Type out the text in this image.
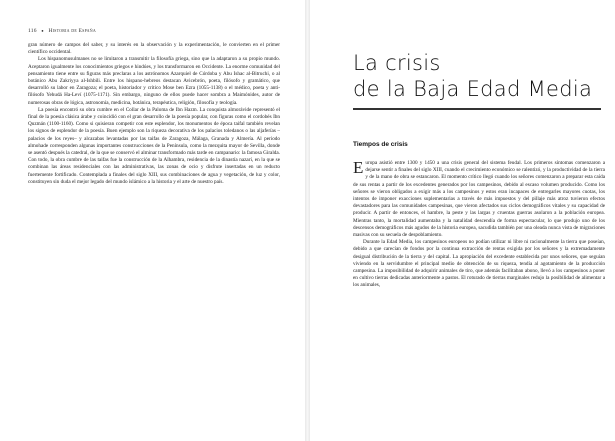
116 ● Historia de España

gran número de campos del saber, y su interés en la observación y la experimentación, le convierten en el primer científico occidental.

Los hispanomusulmanes no se limitaron a transmitir la filosofía griega, sino que la adaptaron a su propio mundo. Aceptaron igualmente los conocimientos griegos e hindúes, y los transformaron en Occidente. La enorme comunidad del pensamiento tiene entre su figuras más preclaras a los astrónomos Azarquiel de Córdoba y Abu Ishac al-Bitruchi, o al botánico Abu Zakriyya al-Ishbili. Entre los hispano-hebreos destacan Avicebrón, poeta, filósofo y gramático, que desarrolló su labor en Zaragoza; el poeta, historiador y crítico Mose ben Ezra (1055-1138) o el médico, poeta y anti-filósofo Yehudá Ha-Leví (1075-1171). Sin embargo, ninguno de ellos puede hacer sombra a Maimónides, autor de numerosas obras de lógica, astronomía, medicina, botánica, terapéutica, religión, filosofía y teología.

La poesía encontró su obra cumbre en el Collar de la Paloma de Ibn Hazm. La conquista almorávide representó el final de la poesía clásica árabe y coincidió con el gran desarrollo de la poesía popular, con figuras como el cordobés Ibn Quzmán (1100-1160). Como si quisieran competir con este esplendor, los monumentos de época taifal también revelan los signos de esplendor de la poesía. Buen ejemplo son la riqueza decorativa de los palacios toledanos o las aljaferías –palacios de los reyes– y alcazabas levantadas por las taifas de Zaragoza, Málaga, Granada y Almería. Al periodo almohade corresponden algunas importantes construcciones de la Península, como la mezquita mayor de Sevilla, donde se asentó después la catedral, de la que se conservó el alminar transformado más tarde en campanario: la famosa Giralda. Con todo, la obra cumbre de las taifas fue la construcción de la Alhambra, residencia de la dinastía nazarí, en la que se combinan las áreas residenciales con las administrativas, las zonas de ocio y disfrute insertadas en un reducto fuertemente fortificado. Contemplada a finales del siglo XIII, sus combinaciones de agua y vegetación, de luz y color, constituyen sin duda el mejor legado del mundo islámico a la historia y el arte de nuestro país.

La crisis
de la Baja Edad Media
Tiempos de crisis

Europa asistió entre 1300 y 1450 a una crisis general del sistema feudal. Los primeros síntomas comenzaron a dejarse sentir a finales del siglo XIII, cuando el crecimiento económico se ralentizó, y la productividad de la tierra y de la mano de obra se estancaron. El momento crítico llegó cuando los señores comenzaron a preparar esta caída de sus rentas a partir de los excedentes generados por los campesinos, debido al escaso volumen producido. Como los señores se vieron obligados a exigir más a los campesinos y estos eran incapaces de entregarles mayores cuotas, los intentos de imponer exacciones suplementarias a través de más impuestos y del pillaje más atroz tuvieron efectos devastadores para las comunidades campesinas, que vieron afectados sus ciclos demográficos vitales y su capacidad de producir. A partir de entonces, el hambre, la peste y las largas y cruentas guerras asolaron a la población europea. Mientras tanto, la mortalidad aumentaba y la natalidad descendía de forma espectacular, lo que produjo uno de los descensos demográficos más agudos de la historia europea, sacudida también por una oleada nunca vista de migraciones masivas con su secuela de despoblamiento.

Durante la Edad Media, los campesinos europeos no podían utilizar ni libre ni racionalmente la tierra que poseían, debido a que carecían de fondos por la continua extracción de rentas exigida por los señores y la extremadamente desigual distribución de la tierra y del capital. La apropiación del excedente establecida por unos señores, que seguían viviendo en la servidumbre el principal medio de obtención de su riqueza, tendía al agotamiento de la producción campesina. La imposibilidad de adquirir animales de tiro, que además facilitaban abono, llevó a los campesinos a poner en cultivo tierras dedicadas anteriormente a pastos. El roturado de tierras marginales redujo la posibilidad de alimentar a los animales,
